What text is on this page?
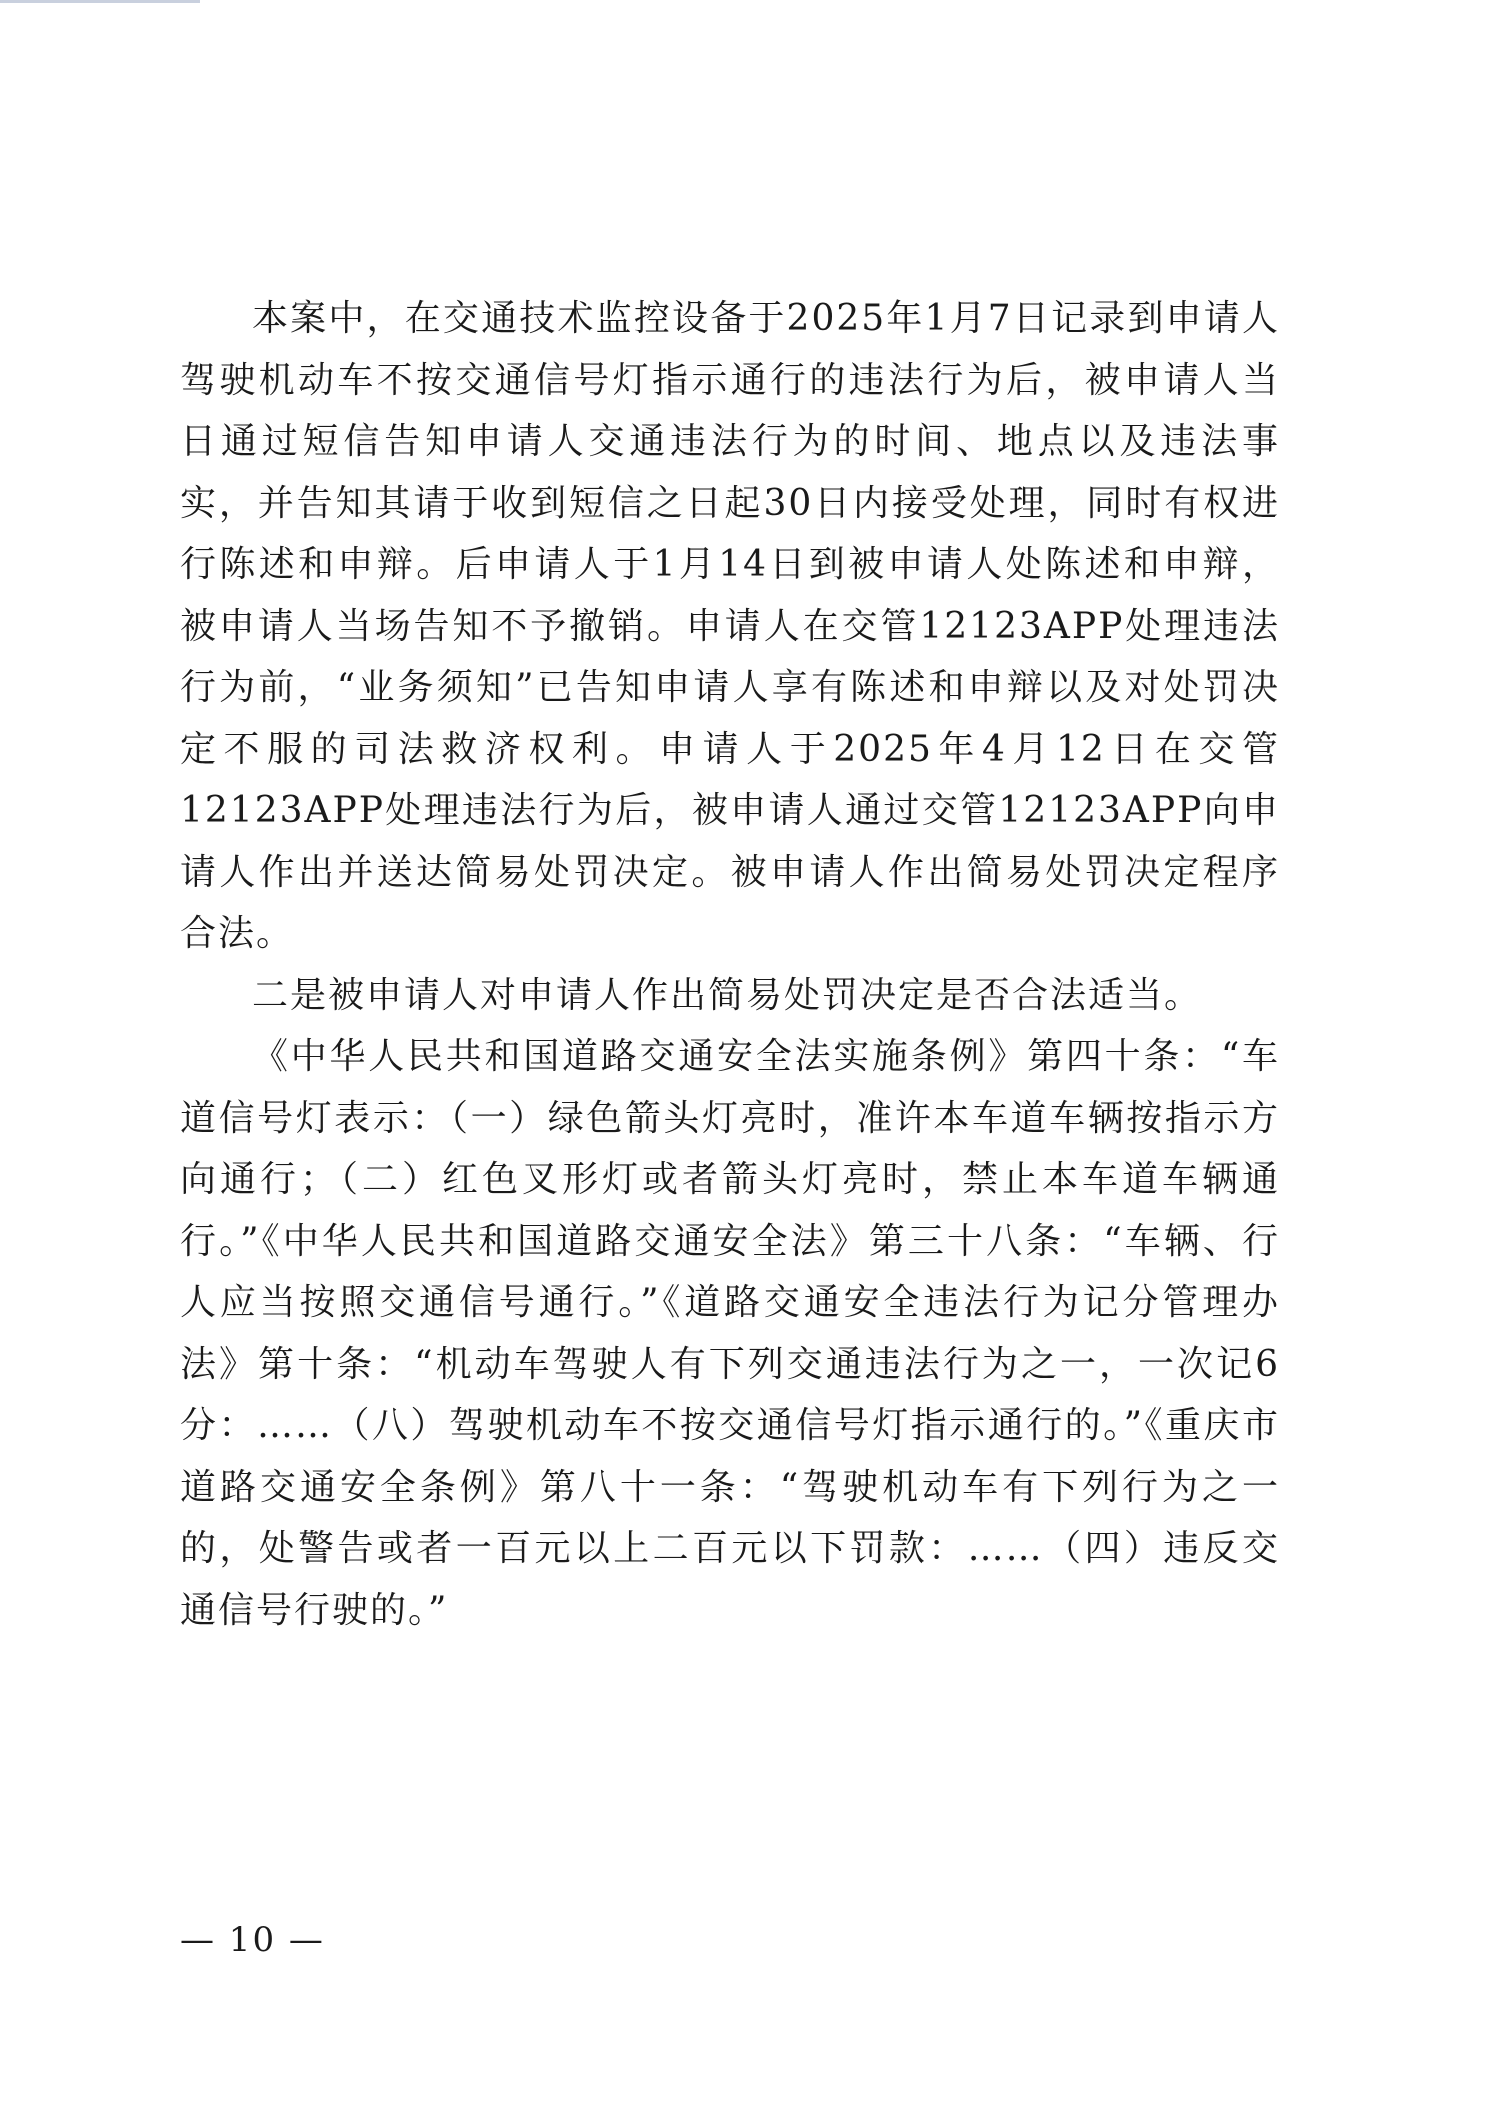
本案中，在交通技术监控设备于2025年1月7日记录到申请人驾驶机动车不按交通信号灯指示通行的违法行为后，被申请人当日通过短信告知申请人交通违法行为的时间、地点以及违法事实，并告知其请于收到短信之日起30日内接受处理，同时有权进行陈述和申辩。后申请人于1月14日到被申请人处陈述和申辩，被申请人当场告知不予撤销。申请人在交管12123APP处理违法行为前，“业务须知”已告知申请人享有陈述和申辩以及对处罚决定不服的司法救济权利。申请人于2025年4月12日在交管12123APP处理违法行为后，被申请人通过交管12123APP向申请人作出并送达简易处罚决定。被申请人作出简易处罚决定程序合法。

二是被申请人对申请人作出简易处罚决定是否合法适当。

《中华人民共和国道路交通安全法实施条例》第四十条：“车道信号灯表示：（一）绿色箭头灯亮时，准许本车道车辆按指示方向通行；（二）红色叉形灯或者箭头灯亮时，禁止本车道车辆通行。”《中华人民共和国道路交通安全法》第三十八条：“车辆、行人应当按照交通信号通行。”《道路交通安全违法行为记分管理办法》第十条：“机动车驾驶人有下列交通违法行为之一，一次记6分：……（八）驾驶机动车不按交通信号灯指示通行的。”《重庆市道路交通安全条例》第八十一条：“驾驶机动车有下列行为之一的，处警告或者一百元以上二百元以下罚款：……（四）违反交通信号行驶的。”

— 10 —
